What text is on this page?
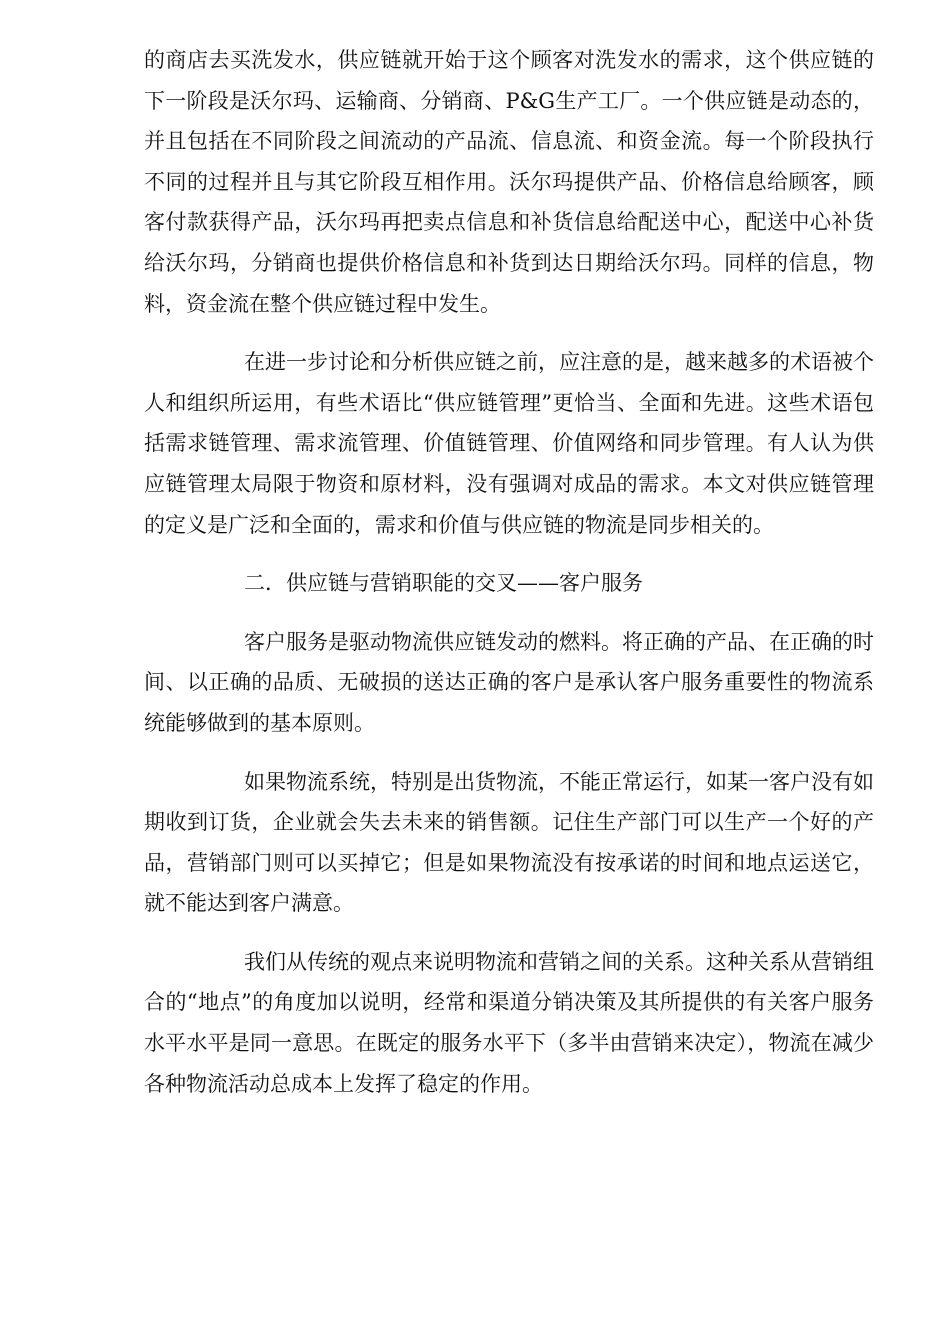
的商店去买洗发水，供应链就开始于这个顾客对洗发水的需求，这个供应链的下一阶段是沃尔玛、运输商、分销商、P&G生产工厂。一个供应链是动态的，并且包括在不同阶段之间流动的产品流、信息流、和资金流。每一个阶段执行不同的过程并且与其它阶段互相作用。沃尔玛提供产品、价格信息给顾客，顾客付款获得产品，沃尔玛再把卖点信息和补货信息给配送中心，配送中心补货给沃尔玛，分销商也提供价格信息和补货到达日期给沃尔玛。同样的信息，物料，资金流在整个供应链过程中发生。

在进一步讨论和分析供应链之前，应注意的是，越来越多的术语被个人和组织所运用，有些术语比“供应链管理”更恰当、全面和先进。这些术语包括需求链管理、需求流管理、价值链管理、价值网络和同步管理。有人认为供应链管理太局限于物资和原材料，没有强调对成品的需求。本文对供应链管理的定义是广泛和全面的，需求和价值与供应链的物流是同步相关的。

二．供应链与营销职能的交叉——客户服务

客户服务是驱动物流供应链发动的燃料。将正确的产品、在正确的时间、以正确的品质、无破损的送达正确的客户是承认客户服务重要性的物流系统能够做到的基本原则。

如果物流系统，特别是出货物流，不能正常运行，如某一客户没有如期收到订货，企业就会失去未来的销售额。记住生产部门可以生产一个好的产品，营销部门则可以买掉它；但是如果物流没有按承诺的时间和地点运送它，就不能达到客户满意。

我们从传统的观点来说明物流和营销之间的关系。这种关系从营销组合的“地点”的角度加以说明，经常和渠道分销决策及其所提供的有关客户服务水平水平是同一意思。在既定的服务水平下（多半由营销来决定），物流在减少各种物流活动总成本上发挥了稳定的作用。
